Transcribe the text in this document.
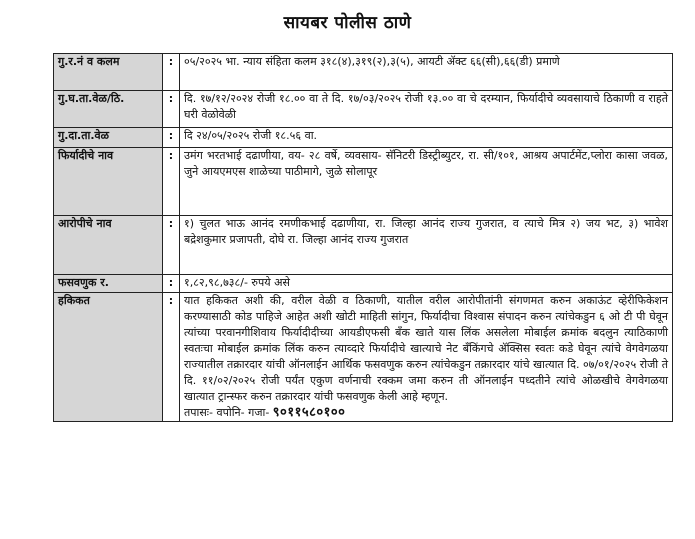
सायबर पोलीस ठाणे
गु.र.नं व कलम	:	०५/२०२५ भा. न्याय संहिता कलम ३१८(४),३१९(२),३(५), आयटी ॲक्ट ६६(सी),६६(डी) प्रमाणे
गु.घ.ता.वेळ/ठि.	:	दि. १७/१२/२०२४ रोजी १८.०० वा ते दि. १७/०३/२०२५ रोजी १३.०० वा चे दरम्यान, फिर्यादीचे व्यवसायाचे ठिकाणी व राहते घरी वेळोवेळी
गु.दा.ता.वेळ	:	दि २४/०५/२०२५ रोजी १८.५६ वा.
फिर्यादीचे नाव	:	उमंग भरतभाई दढाणीया, वय- २८ वर्षे, व्यवसाय- सॅनिटरी डिस्ट्रीब्युटर, रा. सी/१०१, आश्रय अपार्टमेंट,प्लोरा कासा जवळ, जुने आयएमएस शाळेच्या पाठीमागे, जुळे सोलापूर
आरोपीचे नाव	:	१) चुलत भाऊ आनंद रमणीकभाई दढाणीया, रा. जिल्हा आनंद राज्य गुजरात, व त्याचे मित्र २) जय भट, ३) भावेश बद्रेशकुमार प्रजापती, दोघे रा. जिल्हा आनंद राज्य गुजरात
फसवणुक र.	:	१,८२,९८,७३८/- रुपये असे
हकिकत	:	यात हकिकत अशी की, वरील वेळी व ठिकाणी, यातील वरील आरोपीतांनी संगणमत करुन अकाऊंट व्हेरीफिकेशन करण्यासाठी कोड पाहिजे आहेत अशी खोटी माहिती सांगुन, फिर्यादीचा विश्वास संपादन करुन त्यांचेकडुन ६ ओ टी पी घेवून त्यांच्या परवानगीशिवाय फिर्यादीदीच्या आयडीएफसी बँक खाते यास लिंक असलेला मोबाईल क्रमांक बदलुन त्याठिकाणी स्वतःचा मोबाईल क्रमांक लिंक करुन त्याव्दारे फिर्यादीचे खात्याचे नेट बँकिंगचे ॲक्सिस स्वतः कडे घेवून त्यांचे वेगवेगळया राज्यातील तक्रारदार यांची ऑनलाईन आर्थिक फसवणुक करुन त्यांचेकडुन तक्रारदार यांचे खात्यात दि. ०७/०१/२०२५ रोजी ते दि. ११/०२/२०२५ रोजी पर्यंत एकुण वर्णनाची रक्कम जमा करुन ती ऑनलाईन पध्दतीने त्यांचे ओळखीचे वेगवेगळया खात्यात ट्रान्स्फर करुन तक्रारदार यांची फसवणुक केली आहे म्हणून.
तपासः- वपोनि- गजा- ९०११५८०१००
